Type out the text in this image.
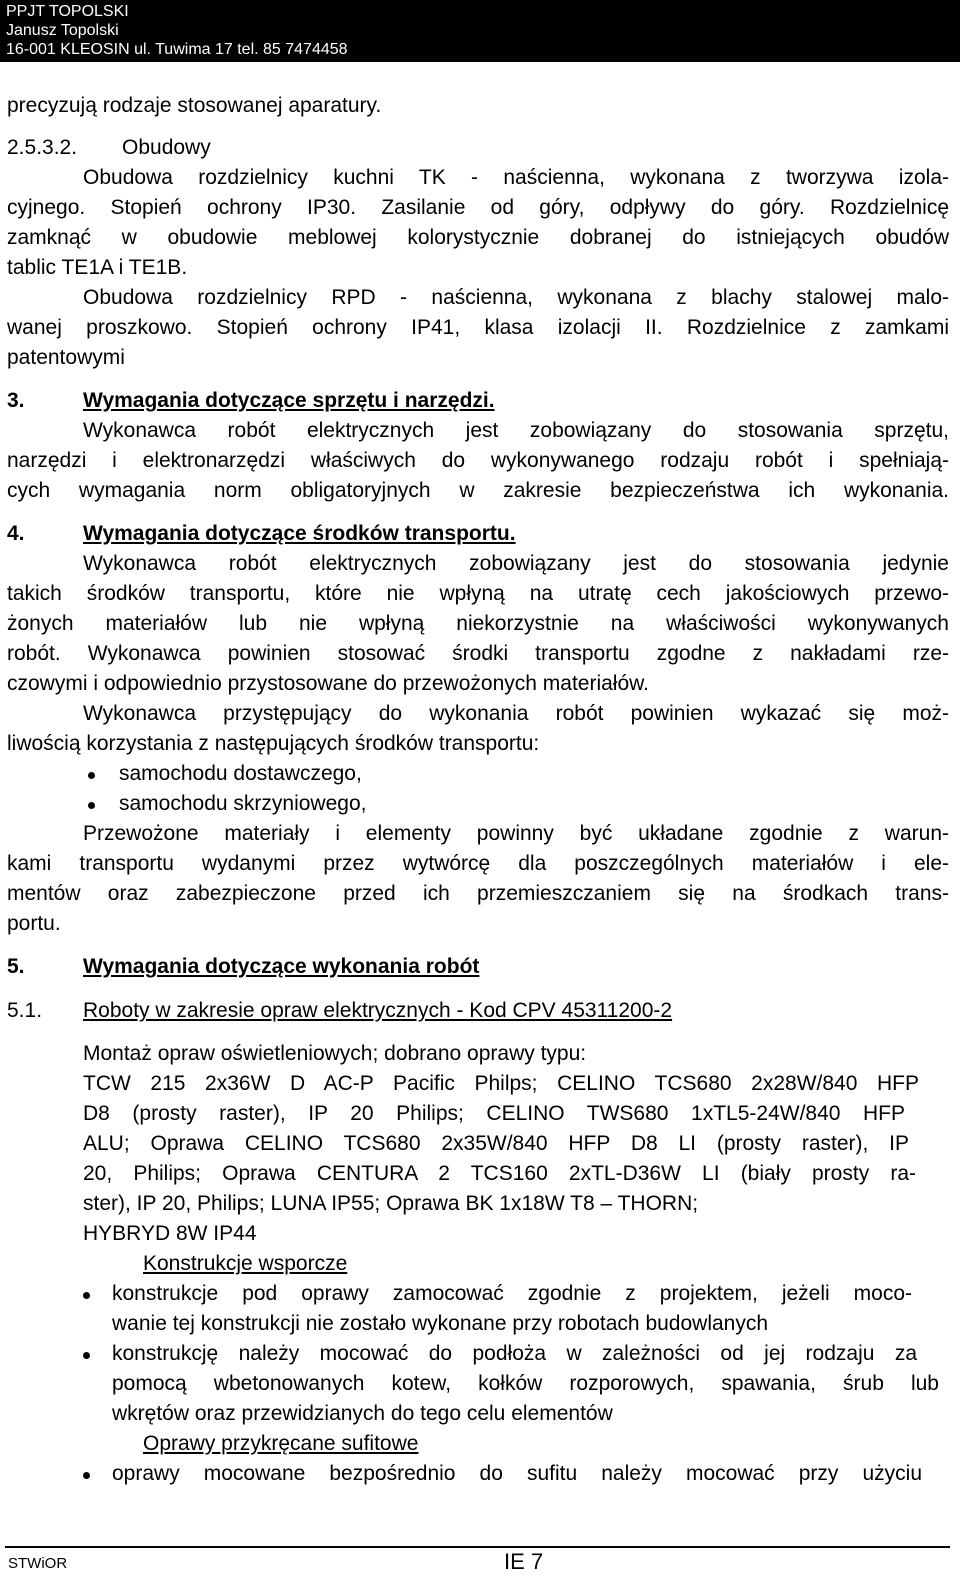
PPJT TOPOLSKI
Janusz Topolski
16-001 KLEOSIN ul. Tuwima 17 tel. 85 7474458
precyzują rodzaje stosowanej aparatury.
2.5.3.2. Obudowy
Obudowa rozdzielnicy kuchni TK - naścienna, wykonana z tworzywa izola-
cyjnego. Stopień ochrony IP30. Zasilanie od góry, odpływy do góry. Rozdzielnicę
zamknąć w obudowie meblowej kolorystycznie dobranej do istniejących obudów
tablic TE1A i TE1B.
Obudowa rozdzielnicy RPD - naścienna, wykonana z blachy stalowej malo-
wanej proszkowo. Stopień ochrony IP41, klasa izolacji II. Rozdzielnice z zamkami
patentowymi
3.	Wymagania dotyczące sprzętu i narzędzi.
Wykonawca robót elektrycznych jest zobowiązany do stosowania sprzętu,
narzędzi i elektronarzędzi właściwych do wykonywanego rodzaju robót i spełniają-
cych wymagania norm obligatoryjnych w zakresie bezpieczeństwa ich wykonania.
4.	Wymagania dotyczące środków transportu.
Wykonawca robót elektrycznych zobowiązany jest do stosowania jedynie
takich środków transportu, które nie wpłyną na utratę cech jakościowych przewo-
żonych materiałów lub nie wpłyną niekorzystnie na właściwości wykonywanych
robót. Wykonawca powinien stosować środki transportu zgodne z nakładami rze-
czowymi i odpowiednio przystosowane do przewożonych materiałów.
Wykonawca przystępujący do wykonania robót powinien wykazać się moż-
liwością korzystania z następujących środków transportu:
samochodu dostawczego,
samochodu skrzyniowego,
Przewożone materiały i elementy powinny być układane zgodnie z warun-
kami transportu wydanymi przez wytwórcę dla poszczególnych materiałów i ele-
mentów oraz zabezpieczone przed ich przemieszczaniem się na środkach trans-
portu.
5.	Wymagania dotyczące wykonania robót
5.1. Roboty w zakresie opraw elektrycznych - Kod CPV 45311200-2
Montaż opraw oświetleniowych; dobrano oprawy typu:
TCW 215 2x36W D AC-P Pacific Philps; CELINO TCS680 2x28W/840 HFP
D8 (prosty raster), IP 20 Philips; CELINO TWS680 1xTL5-24W/840 HFP
ALU; Oprawa CELINO TCS680 2x35W/840 HFP D8 LI (prosty raster), IP
20, Philips; Oprawa CENTURA 2 TCS160 2xTL-D36W LI (biały prosty ra-
ster), IP 20, Philips; LUNA IP55; Oprawa BK 1x18W T8 – THORN;
HYBRYD 8W IP44
Konstrukcje wsporcze
konstrukcje pod oprawy zamocować zgodnie z projektem, jeżeli moco-
wanie tej konstrukcji nie zostało wykonane przy robotach budowlanych
konstrukcję należy mocować do podłoża w zależności od jej rodzaju za
pomocą wbetonowanych kotew, kołków rozporowych, spawania, śrub lub
wkrętów oraz przewidzianych do tego celu elementów
Oprawy przykręcane sufitowe
oprawy mocowane bezpośrednio do sufitu należy mocować przy użyciu
STWiOR	IE 7
